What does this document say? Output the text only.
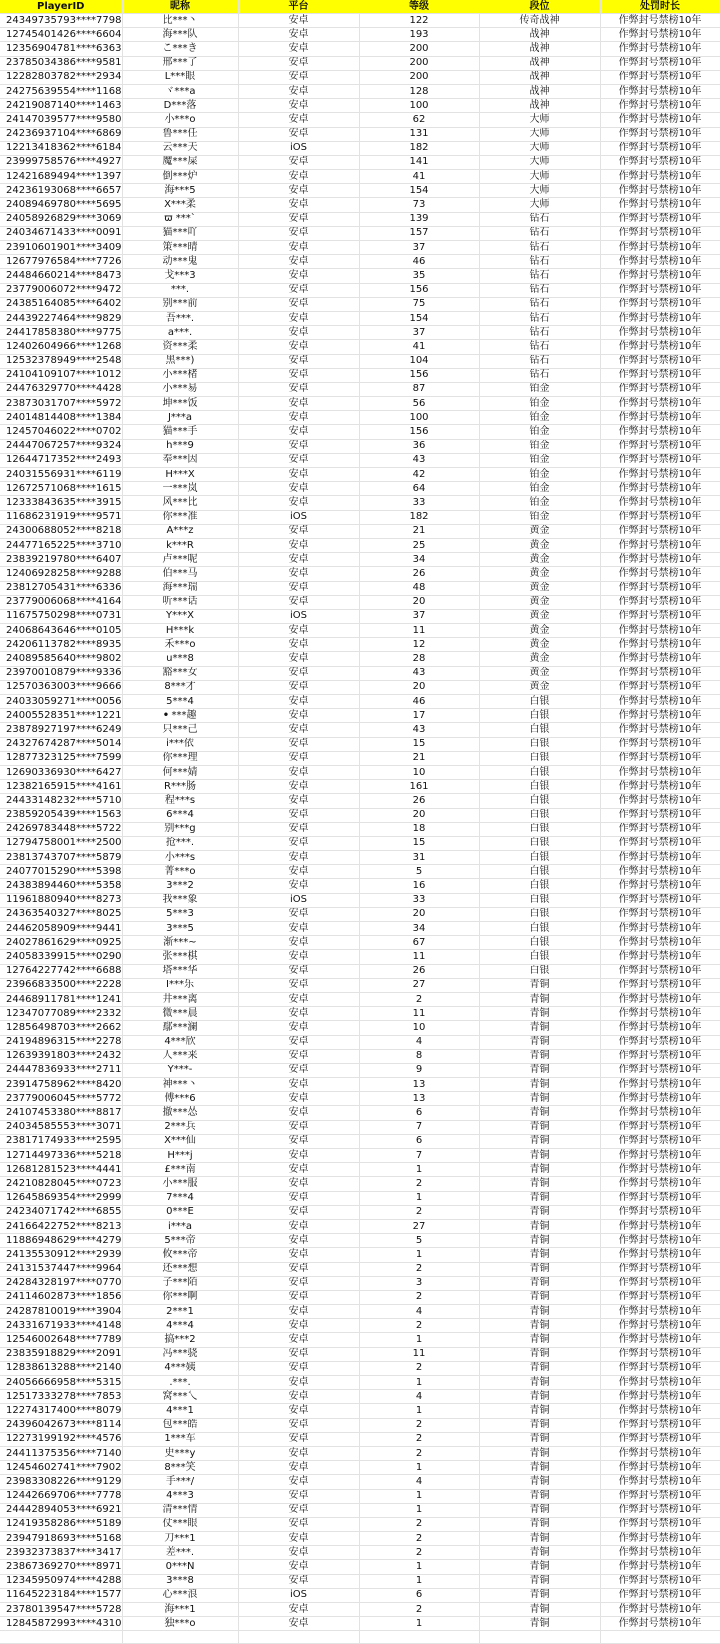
PlayerID	昵称	平台	等级	段位	处罚时长
24349735793****7798	比***丶	安卓	122	传奇战神	作弊封号禁榜10年
12745401426****6604	海***队	安卓	193	战神	作弊封号禁榜10年
12356904781****6363	こ***き	安卓	200	战神	作弊封号禁榜10年
23785034386****9581	邢***了	安卓	200	战神	作弊封号禁榜10年
12282803782****2934	L***眼	安卓	200	战神	作弊封号禁榜10年
24275639554****1168	ヾ***a	安卓	128	战神	作弊封号禁榜10年
24219087140****1463	D***落	安卓	100	战神	作弊封号禁榜10年
24147039577****9580	小***o	安卓	62	大师	作弊封号禁榜10年
24236937104****6869	鲁***任	安卓	131	大师	作弊封号禁榜10年
12213418362****6184	云***天	iOS	182	大师	作弊封号禁榜10年
23999758576****4927	魔***屎	安卓	141	大师	作弊封号禁榜10年
12421689494****1397	倒***炉	安卓	41	大师	作弊封号禁榜10年
24236193068****6657	海***5	安卓	154	大师	作弊封号禁榜10年
24089469780****5695	X***柔	安卓	73	大师	作弊封号禁榜10年
24058926829****3069	ϖ ***`	安卓	139	钻石	作弊封号禁榜10年
24034671433****0091	猫***吖	安卓	157	钻石	作弊封号禁榜10年
23910601901****3409	策***晴	安卓	37	钻石	作弊封号禁榜10年
12677976584****7726	动***鬼	安卓	46	钻石	作弊封号禁榜10年
24484660214****8473	戈***3	安卓	35	钻石	作弊封号禁榜10年
23779006072****9472	***.	安卓	156	钻石	作弊封号禁榜10年
24385164085****6402	别***前	安卓	75	钻石	作弊封号禁榜10年
24439227464****9829	吾***.	安卓	154	钻石	作弊封号禁榜10年
24417858380****9775	a***.	安卓	37	钻石	作弊封号禁榜10年
12402604966****1268	资***柔	安卓	41	钻石	作弊封号禁榜10年
12532378949****2548	黑***)	安卓	104	钻石	作弊封号禁榜10年
24104109107****1012	小***楮	安卓	156	钻石	作弊封号禁榜10年
24476329770****4428	小***易	安卓	87	铂金	作弊封号禁榜10年
23873031707****5972	坤***饭	安卓	56	铂金	作弊封号禁榜10年
24014814408****1384	J***a	安卓	100	铂金	作弊封号禁榜10年
12457046022****0702	猫***手	安卓	156	铂金	作弊封号禁榜10年
24447067257****9324	h***9	安卓	36	铂金	作弊封号禁榜10年
12644717352****2493	奉***因	安卓	43	铂金	作弊封号禁榜10年
24031556931****6119	H***X	安卓	42	铂金	作弊封号禁榜10年
12672571068****1615	一***岚	安卓	64	铂金	作弊封号禁榜10年
12333843635****3915	风***比	安卓	33	铂金	作弊封号禁榜10年
11686231919****9571	你***准	iOS	182	铂金	作弊封号禁榜10年
24300688052****8218	A***z	安卓	21	黄金	作弊封号禁榜10年
24477165225****3710	k***R	安卓	25	黄金	作弊封号禁榜10年
23839219780****6407	卢***呢	安卓	34	黄金	作弊封号禁榜10年
12406928258****9288	伯***马	安卓	26	黄金	作弊封号禁榜10年
23812705431****6336	海***瑞	安卓	48	黄金	作弊封号禁榜10年
23779006068****4164	听***话	安卓	20	黄金	作弊封号禁榜10年
11675750298****0731	Y***X	iOS	37	黄金	作弊封号禁榜10年
24068643646****0105	H***k	安卓	11	黄金	作弊封号禁榜10年
24206113782****8935	禾***o	安卓	12	黄金	作弊封号禁榜10年
24089585640****9802	u***8	安卓	28	黄金	作弊封号禁榜10年
23970010879****9336	豁***女	安卓	43	黄金	作弊封号禁榜10年
12570363003****9666	8***才	安卓	20	黄金	作弊封号禁榜10年
24033059271****0056	5***4	安卓	46	白银	作弊封号禁榜10年
24005528351****1221	ꔷ ***趣	安卓	17	白银	作弊封号禁榜10年
23878927197****6249	只***己	安卓	43	白银	作弊封号禁榜10年
24327674287****5014	i***依	安卓	15	白银	作弊封号禁榜10年
12877323125****7599	你***理	安卓	21	白银	作弊封号禁榜10年
12690336930****6427	何***婧	安卓	10	白银	作弊封号禁榜10年
12382165915****4161	R***肠	安卓	161	白银	作弊封号禁榜10年
24433148232****5710	程***s	安卓	26	白银	作弊封号禁榜10年
23859205439****1563	6***4	安卓	20	白银	作弊封号禁榜10年
24269783448****5722	别***g	安卓	18	白银	作弊封号禁榜10年
12794758001****2500	抢***.	安卓	15	白银	作弊封号禁榜10年
23813743707****5879	小***s	安卓	31	白银	作弊封号禁榜10年
24077015290****5398	菁***o	安卓	5	白银	作弊封号禁榜10年
24383894460****5358	3***2	安卓	16	白银	作弊封号禁榜10年
11961880940****8273	我***象	iOS	33	白银	作弊封号禁榜10年
24363540327****8025	5***3	安卓	20	白银	作弊封号禁榜10年
24462058909****9441	3***5	安卓	34	白银	作弊封号禁榜10年
24027861629****0925	渐***~	安卓	67	白银	作弊封号禁榜10年
24058339915****0290	张***棋	安卓	11	白银	作弊封号禁榜10年
12764227742****6688	塔***华	安卓	26	白银	作弊封号禁榜10年
23966833500****2228	I***乐	安卓	27	青铜	作弊封号禁榜10年
24468911781****1241	井***离	安卓	2	青铜	作弊封号禁榜10年
12347077089****2332	微***晨	安卓	11	青铜	作弊封号禁榜10年
12856498703****2662	鄢***澜	安卓	10	青铜	作弊封号禁榜10年
24194896315****2278	4***欣	安卓	4	青铜	作弊封号禁榜10年
12639391803****2432	人***来	安卓	8	青铜	作弊封号禁榜10年
24447836933****2711	Y***-	安卓	9	青铜	作弊封号禁榜10年
23914758962****8420	神***丶	安卓	13	青铜	作弊封号禁榜10年
23779006045****5772	傅***6	安卓	13	青铜	作弊封号禁榜10年
24107453380****8817	撤***怂	安卓	6	青铜	作弊封号禁榜10年
24034585553****3071	2***兵	安卓	7	青铜	作弊封号禁榜10年
23817174933****2595	X***仙	安卓	6	青铜	作弊封号禁榜10年
12714497336****5218	H***j	安卓	7	青铜	作弊封号禁榜10年
12681281523****4441	£***南	安卓	1	青铜	作弊封号禁榜10年
24210828045****0723	小***服	安卓	2	青铜	作弊封号禁榜10年
12645869354****2999	7***4	安卓	1	青铜	作弊封号禁榜10年
24234071742****6855	0***E	安卓	2	青铜	作弊封号禁榜10年
24166422752****8213	i***a	安卓	27	青铜	作弊封号禁榜10年
11886948629****4279	5***帝	安卓	5	青铜	作弊封号禁榜10年
24135530912****2939	攸***帝	安卓	1	青铜	作弊封号禁榜10年
24131537447****9964	还***想	安卓	2	青铜	作弊封号禁榜10年
24284328197****0770	子***陌	安卓	3	青铜	作弊封号禁榜10年
24114602873****1856	你***啊	安卓	2	青铜	作弊封号禁榜10年
24287810019****3904	2***1	安卓	4	青铜	作弊封号禁榜10年
24331671933****4148	4***4	安卓	2	青铜	作弊封号禁榜10年
12546002648****7789	搞***2	安卓	1	青铜	作弊封号禁榜10年
23835918829****2091	冯***骁	安卓	11	青铜	作弊封号禁榜10年
12838613288****2140	4***姨	安卓	2	青铜	作弊封号禁榜10年
24056666958****5315	.***.	安卓	1	青铜	作弊封号禁榜10年
12517333278****7853	窝***乀	安卓	4	青铜	作弊封号禁榜10年
12274317400****8079	4***1	安卓	1	青铜	作弊封号禁榜10年
24396042673****8114	包***皓	安卓	2	青铜	作弊封号禁榜10年
12273199192****4576	1***车	安卓	2	青铜	作弊封号禁榜10年
24411375356****7140	史***y	安卓	2	青铜	作弊封号禁榜10年
12454602741****7902	8***笑	安卓	1	青铜	作弊封号禁榜10年
23983308226****9129	手***/	安卓	4	青铜	作弊封号禁榜10年
12442669706****7778	4***3	安卓	1	青铜	作弊封号禁榜10年
24442894053****6921	清***情	安卓	1	青铜	作弊封号禁榜10年
12419358286****5189	仗***眼	安卓	2	青铜	作弊封号禁榜10年
23947918693****5168	刀***1	安卓	2	青铜	作弊封号禁榜10年
23932373837****3417	差***.	安卓	2	青铜	作弊封号禁榜10年
23867369270****8971	0***N	安卓	1	青铜	作弊封号禁榜10年
12345950974****4288	3***8	安卓	1	青铜	作弊封号禁榜10年
11645223184****1577	心***浪	iOS	6	青铜	作弊封号禁榜10年
23780139547****5728	海***1	安卓	2	青铜	作弊封号禁榜10年
12845872993****4310	独***o	安卓	1	青铜	作弊封号禁榜10年
